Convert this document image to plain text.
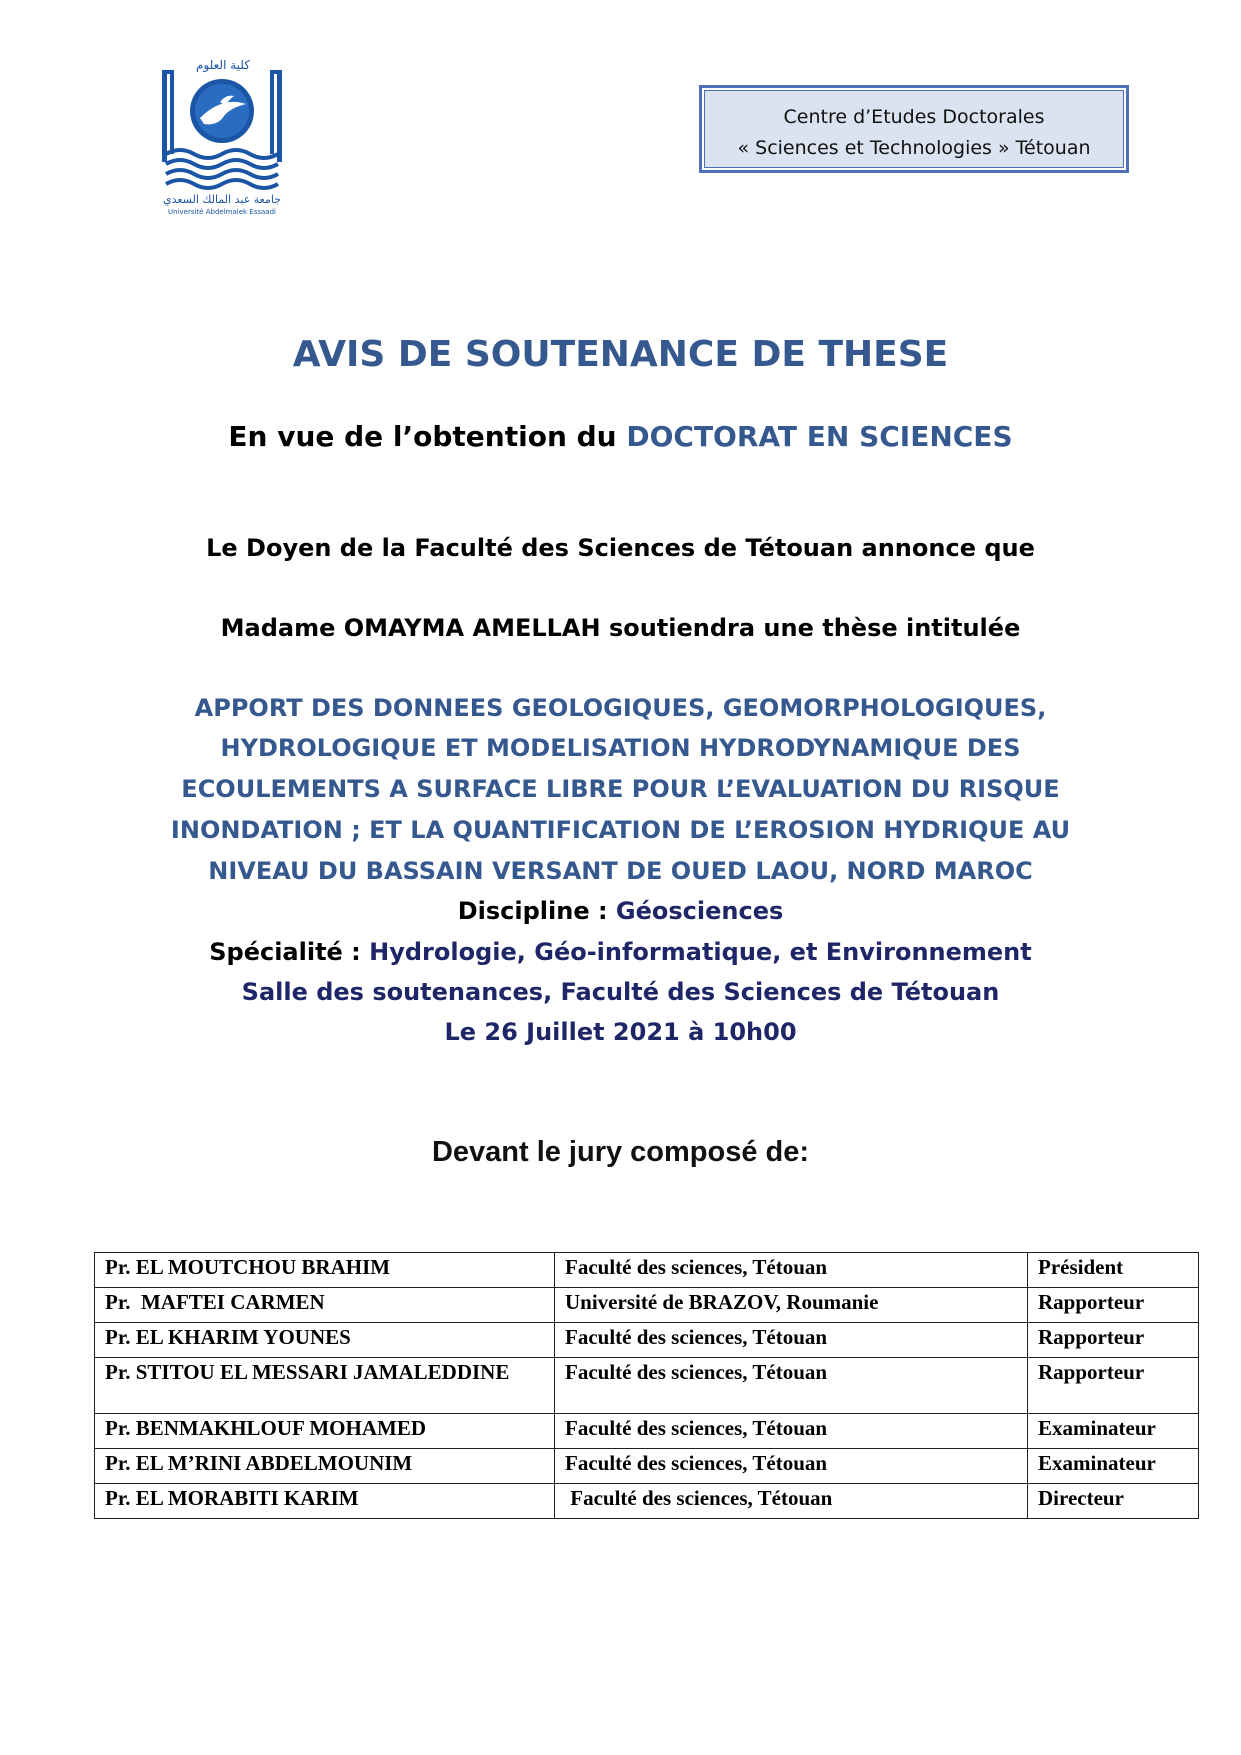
كلية العلوم
جامعة عبد المالك السعدي
Université Abdelmalek Essaadi
Centre d’Etudes Doctorales
« Sciences et Technologies » Tétouan
AVIS DE SOUTENANCE DE THESE
En vue de l’obtention du DOCTORAT EN SCIENCES
Le Doyen de la Faculté des Sciences de Tétouan annonce que
Madame OMAYMA AMELLAH soutiendra une thèse intitulée
APPORT DES DONNEES GEOLOGIQUES, GEOMORPHOLOGIQUES,
HYDROLOGIQUE ET MODELISATION HYDRODYNAMIQUE DES
ECOULEMENTS A SURFACE LIBRE POUR L’EVALUATION DU RISQUE
INONDATION ; ET LA QUANTIFICATION DE L’EROSION HYDRIQUE AU
NIVEAU DU BASSAIN VERSANT DE OUED LAOU, NORD MAROC
Discipline : Géosciences
Spécialité : Hydrologie, Géo-informatique, et Environnement
Salle des soutenances, Faculté des Sciences de Tétouan
Le 26 Juillet 2021 à 10h00
Devant le jury composé de:
Pr. EL MOUTCHOU BRAHIM	Faculté des sciences, Tétouan	Président
Pr.  MAFTEI CARMEN	Université de BRAZOV, Roumanie	Rapporteur
Pr. EL KHARIM YOUNES	Faculté des sciences, Tétouan	Rapporteur
Pr. STITOU EL MESSARI JAMALEDDINE	Faculté des sciences, Tétouan	Rapporteur
Pr. BENMAKHLOUF MOHAMED	Faculté des sciences, Tétouan	Examinateur
Pr. EL M’RINI ABDELMOUNIM	Faculté des sciences, Tétouan	Examinateur
Pr. EL MORABITI KARIM	Faculté des sciences, Tétouan	Directeur
